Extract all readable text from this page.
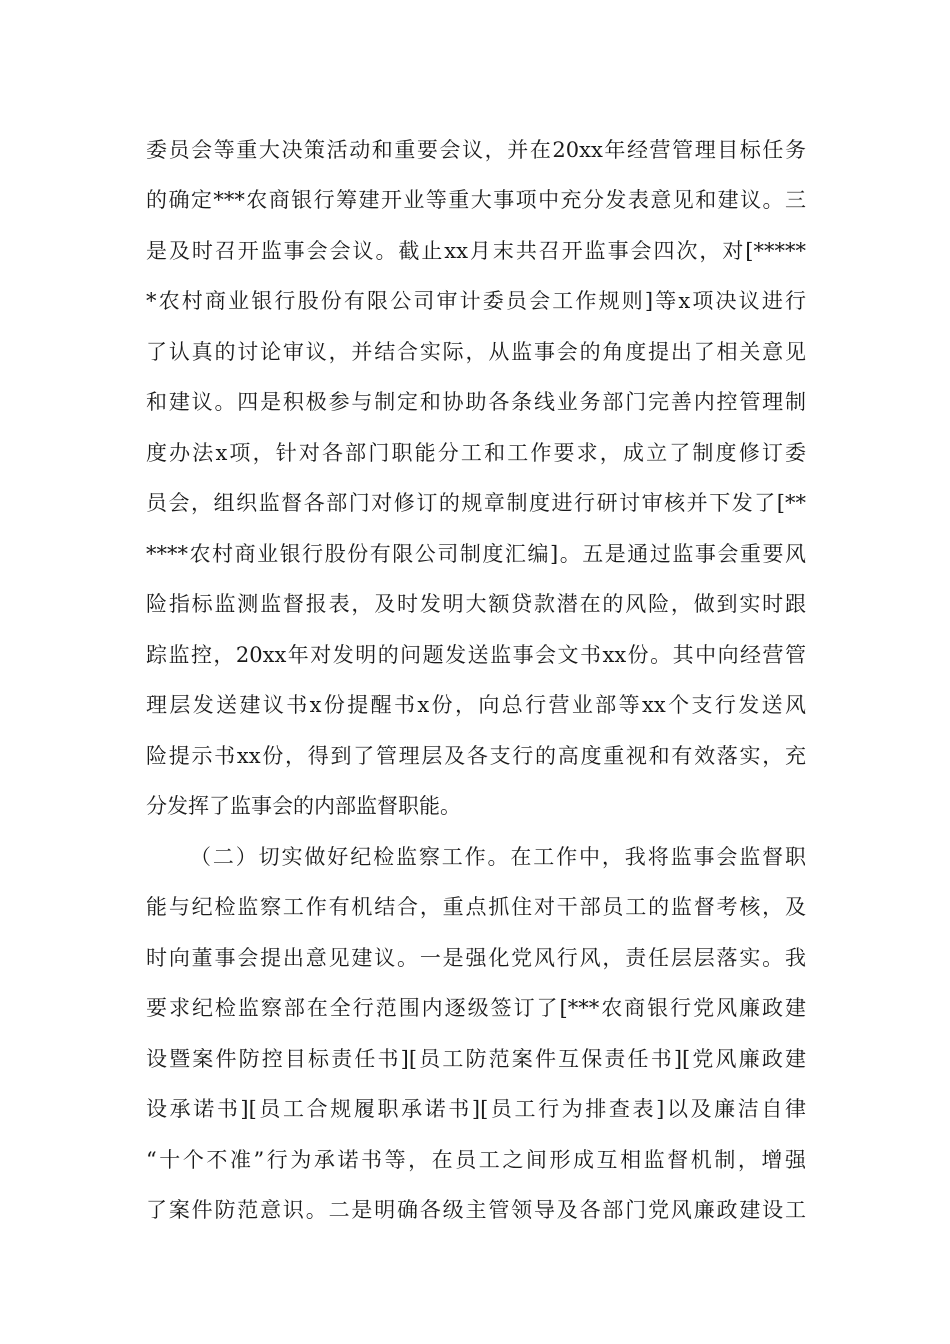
委员会等重大决策活动和重要会议，并在20xx年经营管理目标任务
的确定***农商银行筹建开业等重大事项中充分发表意见和建议。三
是及时召开监事会会议。截止xx月末共召开监事会四次，对[*****
*农村商业银行股份有限公司审计委员会工作规则]等x项决议进行
了认真的讨论审议，并结合实际，从监事会的角度提出了相关意见
和建议。四是积极参与制定和协助各条线业务部门完善内控管理制
度办法x项，针对各部门职能分工和工作要求，成立了制度修订委
员会，组织监督各部门对修订的规章制度进行研讨审核并下发了[**
****农村商业银行股份有限公司制度汇编]。五是通过监事会重要风
险指标监测监督报表，及时发明大额贷款潜在的风险，做到实时跟
踪监控，20xx年对发明的问题发送监事会文书xx份。其中向经营管
理层发送建议书x份提醒书x份，向总行营业部等xx个支行发送风
险提示书xx份，得到了管理层及各支行的高度重视和有效落实，充
分发挥了监事会的内部监督职能。
（二）切实做好纪检监察工作。在工作中，我将监事会监督职
能与纪检监察工作有机结合，重点抓住对干部员工的监督考核，及
时向董事会提出意见建议。一是强化党风行风，责任层层落实。我
要求纪检监察部在全行范围内逐级签订了[***农商银行党风廉政建
设暨案件防控目标责任书][员工防范案件互保责任书][党风廉政建
设承诺书][员工合规履职承诺书][员工行为排查表]以及廉洁自律
“十个不准”行为承诺书等，在员工之间形成互相监督机制，增强
了案件防范意识。二是明确各级主管领导及各部门党风廉政建设工
